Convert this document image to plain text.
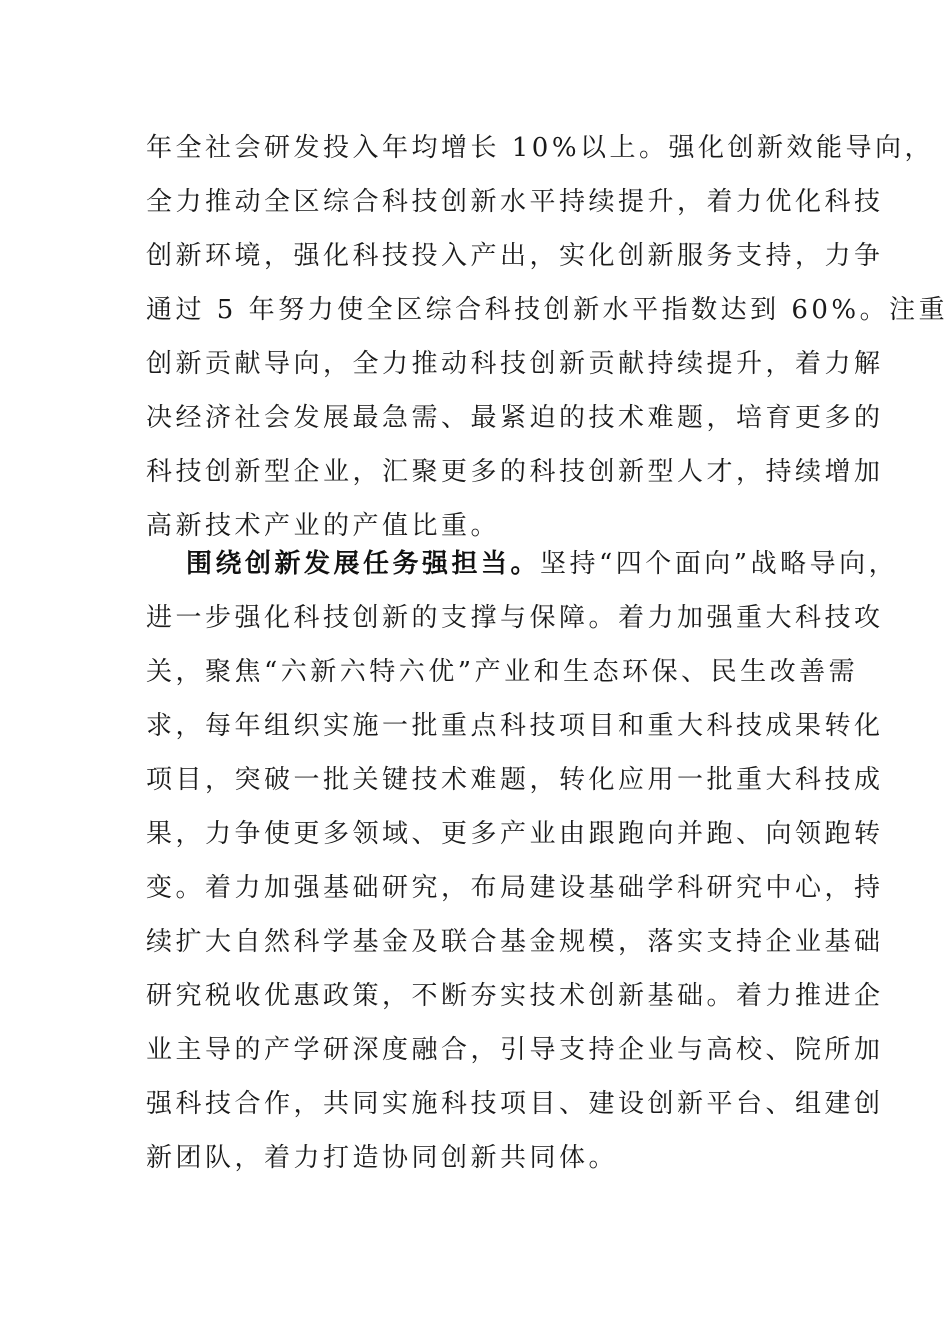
年全社会研发投入年均增长 10%以上。强化创新效能导向，
全力推动全区综合科技创新水平持续提升，着力优化科技
创新环境，强化科技投入产出，实化创新服务支持，力争
通过 5 年努力使全区综合科技创新水平指数达到 60%。注重
创新贡献导向，全力推动科技创新贡献持续提升，着力解
决经济社会发展最急需、最紧迫的技术难题，培育更多的
科技创新型企业，汇聚更多的科技创新型人才，持续增加
高新技术产业的产值比重。
围绕创新发展任务强担当。坚持“四个面向”战略导向，
进一步强化科技创新的支撑与保障。着力加强重大科技攻
关，聚焦“六新六特六优”产业和生态环保、民生改善需
求，每年组织实施一批重点科技项目和重大科技成果转化
项目，突破一批关键技术难题，转化应用一批重大科技成
果，力争使更多领域、更多产业由跟跑向并跑、向领跑转
变。着力加强基础研究，布局建设基础学科研究中心，持
续扩大自然科学基金及联合基金规模，落实支持企业基础
研究税收优惠政策，不断夯实技术创新基础。着力推进企
业主导的产学研深度融合，引导支持企业与高校、院所加
强科技合作，共同实施科技项目、建设创新平台、组建创
新团队，着力打造协同创新共同体。
